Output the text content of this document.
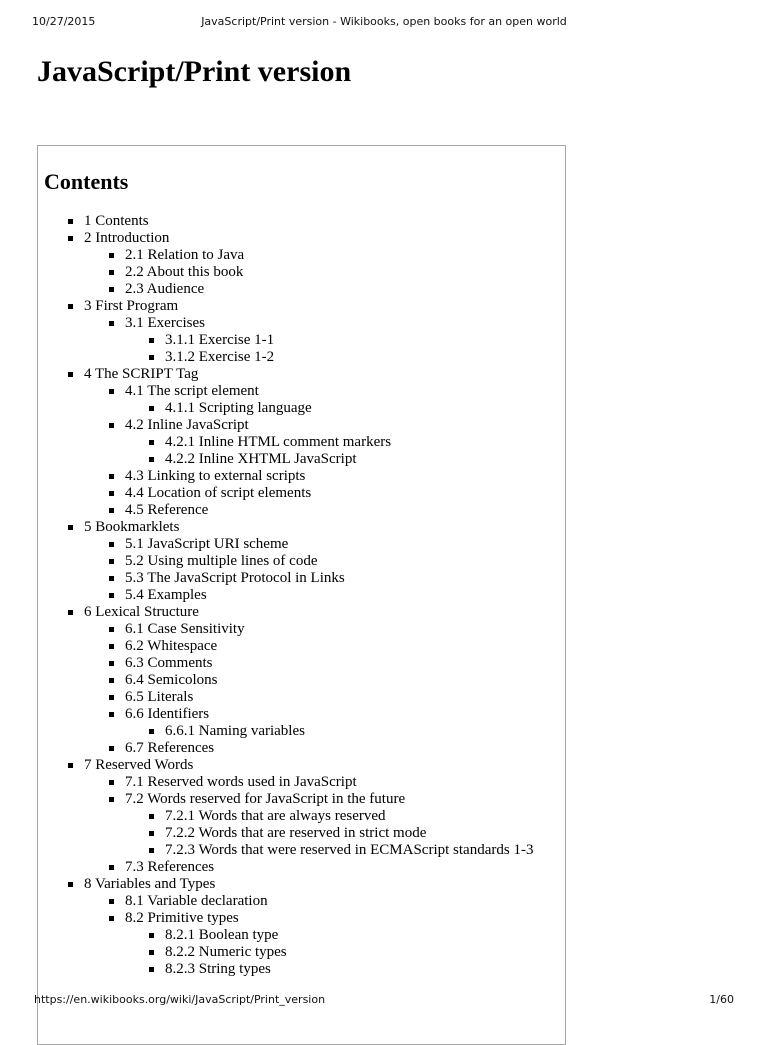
10/27/2015	JavaScript/Print version - Wikibooks, open books for an open world
JavaScript/Print version
Contents
1 Contents
2 Introduction
2.1 Relation to Java
2.2 About this book
2.3 Audience
3 First Program
3.1 Exercises
3.1.1 Exercise 1-1
3.1.2 Exercise 1-2
4 The SCRIPT Tag
4.1 The script element
4.1.1 Scripting language
4.2 Inline JavaScript
4.2.1 Inline HTML comment markers
4.2.2 Inline XHTML JavaScript
4.3 Linking to external scripts
4.4 Location of script elements
4.5 Reference
5 Bookmarklets
5.1 JavaScript URI scheme
5.2 Using multiple lines of code
5.3 The JavaScript Protocol in Links
5.4 Examples
6 Lexical Structure
6.1 Case Sensitivity
6.2 Whitespace
6.3 Comments
6.4 Semicolons
6.5 Literals
6.6 Identifiers
6.6.1 Naming variables
6.7 References
7 Reserved Words
7.1 Reserved words used in JavaScript
7.2 Words reserved for JavaScript in the future
7.2.1 Words that are always reserved
7.2.2 Words that are reserved in strict mode
7.2.3 Words that were reserved in ECMAScript standards 1-3
7.3 References
8 Variables and Types
8.1 Variable declaration
8.2 Primitive types
8.2.1 Boolean type
8.2.2 Numeric types
8.2.3 String types
https://en.wikibooks.org/wiki/JavaScript/Print_version	1/60
